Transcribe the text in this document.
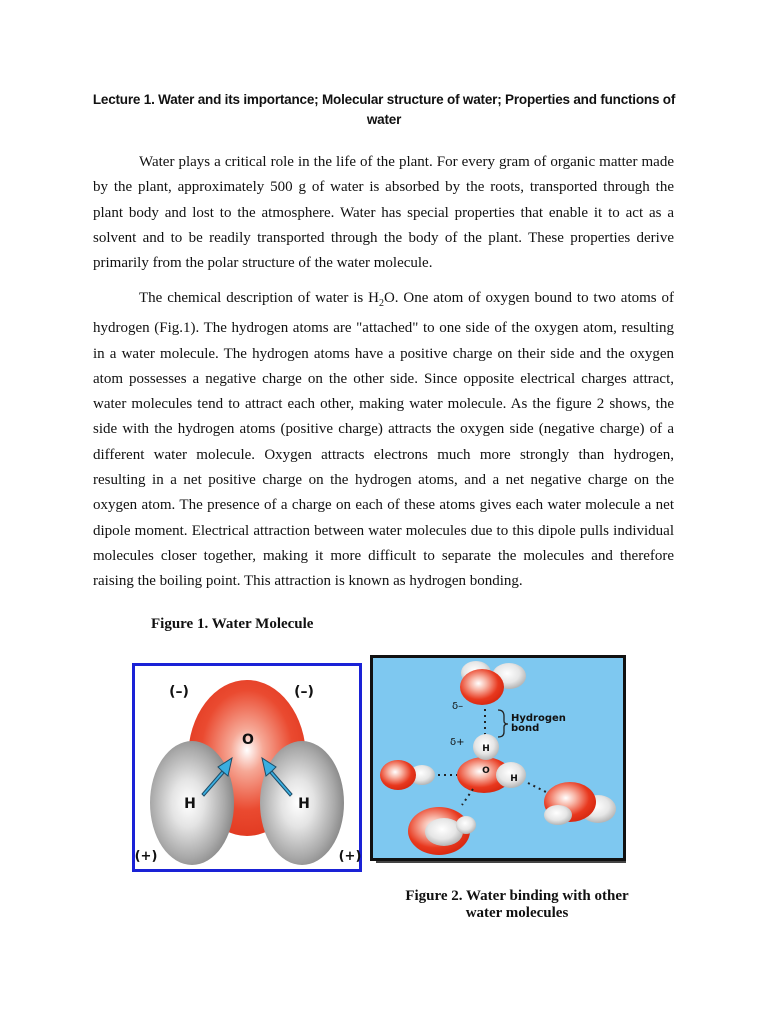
Lecture 1. Water and its importance; Molecular structure of water; Properties and functions of water

Water plays a critical role in the life of the plant. For every gram of organic matter made by the plant, approximately 500 g of water is absorbed by the roots, transported through the plant body and lost to the atmosphere. Water has special properties that enable it to act as a solvent and to be readily transported through the body of the plant. These properties derive primarily from the polar structure of the water molecule.

The chemical description of water is $H_2O$. One atom of oxygen bound to two atoms of hydrogen (Fig.1). The hydrogen atoms are "attached" to one side of the oxygen atom, resulting in a water molecule. The hydrogen atoms have a positive charge on their side and the oxygen atom possesses a negative charge on the other side. Since opposite electrical charges attract, water molecules tend to attract each other, making water molecule. As the figure 2 shows, the side with the hydrogen atoms (positive charge) attracts the oxygen side (negative charge) of a different water molecule. Oxygen attracts electrons much more strongly than hydrogen, resulting in a net positive charge on the hydrogen atoms, and a net negative charge on the oxygen atom. The presence of a charge on each of these atoms gives each water molecule a net dipole moment. Electrical attraction between water molecules due to this dipole pulls individual molecules closer together, making it more difficult to separate the molecules and therefore raising the boiling point. This attraction is known as hydrogen bonding.

Figure 1. Water Molecule
(–)	(–)
O
H	H
(+)	(+)
δ–
δ+
Hydrogen
bond
H
O
H
Figure 2. Water binding with other water molecules
